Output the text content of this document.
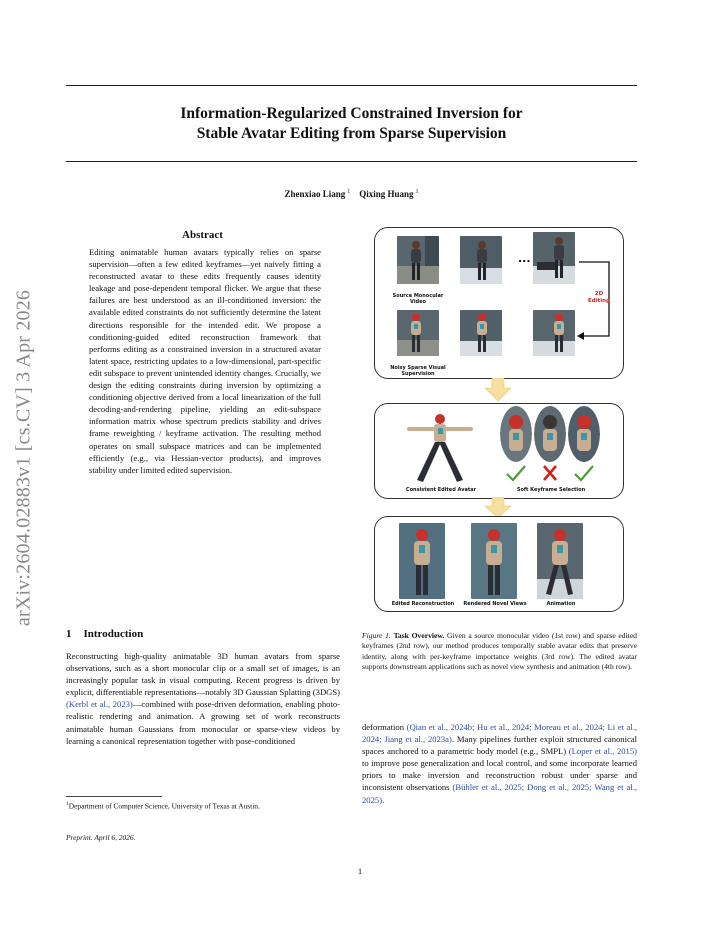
arXiv:2604.02883v1 [cs.CV] 3 Apr 2026
Information-Regularized Constrained Inversion for
Stable Avatar Editing from Sparse Supervision
Zhenxiao Liang $^1$ Qixing Huang $^1$
Abstract
Editing animatable human avatars typically relies on sparse supervision—often a few edited keyframes—yet naively fitting a reconstructed avatar to these edits frequently causes identity leakage and pose-dependent temporal flicker. We argue that these failures are best understood as an ill-conditioned inversion: the available edited constraints do not sufficiently determine the latent directions responsible for the intended edit. We propose a conditioning-guided edited reconstruction framework that performs editing as a constrained inversion in a structured avatar latent space, restricting updates to a low-dimensional, part-specific edit subspace to prevent unintended identity changes. Crucially, we design the editing constraints during inversion by optimizing a conditioning objective derived from a local linearization of the full decoding-and-rendering pipeline, yielding an edit-subspace information matrix whose spectrum predicts stability and drives frame reweighting / keyframe activation. The resulting method operates on small subspace matrices and can be implemented efficiently (e.g., via Hessian-vector products), and improves stability under limited edited supervision.
1 Introduction
Reconstructing high-quality animatable 3D human avatars from sparse observations, such as a short monocular clip or a small set of images, is an increasingly popular task in visual computing. Recent progress is driven by explicit, differentiable representations—notably 3D Gaussian Splatting (3DGS) (Kerbl et al., 2023)—combined with pose-driven deformation, enabling photo-realistic rendering and animation. A growing set of work reconstructs animatable human Gaussians from monocular or sparse-view videos by learning a canonical representation together with pose-conditioned
$^1$Department of Computer Science, University of Texas at Austin.
Preprint. April 6, 2026.
...
Source Monocular Video
Noisy Sparse Visual Supervision
2D Editing
Consistent Edited Avatar	Soft Keyframe Selection
Edited Reconstruction	Rendered Novel Views	Animation
Figure 1. Task Overview. Given a source monocular video (1st row) and sparse edited keyframes (2nd row), our method produces temporally stable avatar edits that preserve identity, along with per-keyframe importance weights (3rd row). The edited avatar supports downstream applications such as novel view synthesis and animation (4th row).
deformation (Qian et al., 2024b; Hu et al., 2024; Moreau et al., 2024; Li et al., 2024; Jiang et al., 2023a). Many pipelines further exploit structured canonical spaces anchored to a parametric body model (e.g., SMPL) (Loper et al., 2015) to improve pose generalization and local control, and some incorporate learned priors to make inversion and reconstruction robust under sparse and inconsistent observations (Bühler et al., 2025; Dong et al., 2025; Wang et al., 2025).
1
